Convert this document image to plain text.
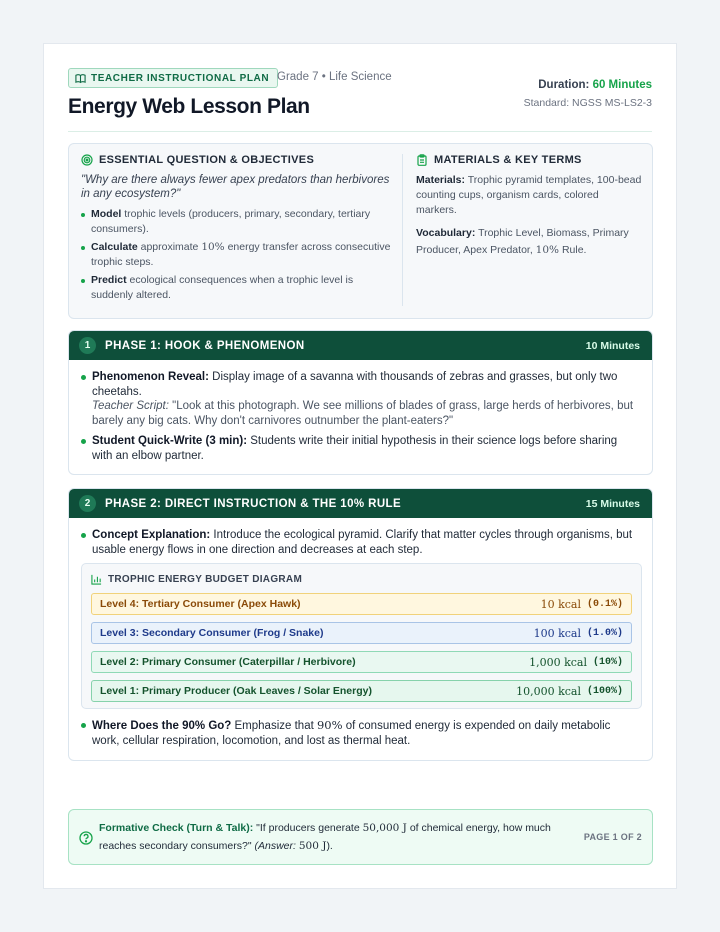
TEACHER INSTRUCTIONAL PLAN Grade 7 • Life Science
Energy Web Lesson Plan
Duration: 60 Minutes
Standard: NGSS MS-LS2-3
ESSENTIAL QUESTION & OBJECTIVES
"Why are there always fewer apex predators than herbivores in any ecosystem?"
Model trophic levels (producers, primary, secondary, tertiary consumers).
Calculate approximate 10% energy transfer across consecutive trophic steps.
Predict ecological consequences when a trophic level is suddenly altered.
MATERIALS & KEY TERMS
Materials: Trophic pyramid templates, 100-bead counting cups, organism cards, colored markers.
Vocabulary: Trophic Level, Biomass, Primary Producer, Apex Predator, 10% Rule.
1	PHASE 1: HOOK & PHENOMENON	10 Minutes
Phenomenon Reveal: Display image of a savanna with thousands of zebras and grasses, but only two cheetahs.
Teacher Script: "Look at this photograph. We see millions of blades of grass, large herds of herbivores, but barely any big cats. Why don't carnivores outnumber the plant-eaters?"
Student Quick-Write (3 min): Students write their initial hypothesis in their science logs before sharing with an elbow partner.
2	PHASE 2: DIRECT INSTRUCTION & THE 10% RULE	15 Minutes
Concept Explanation: Introduce the ecological pyramid. Clarify that matter cycles through organisms, but usable energy flows in one direction and decreases at each step.
TROPHIC ENERGY BUDGET DIAGRAM
Level 4: Tertiary Consumer (Apex Hawk)	10 kcal (0.1%)
Level 3: Secondary Consumer (Frog / Snake)	100 kcal (1.0%)
Level 2: Primary Consumer (Caterpillar / Herbivore)	1,000 kcal (10%)
Level 1: Primary Producer (Oak Leaves / Solar Energy)	10,000 kcal (100%)
Where Does the 90% Go? Emphasize that 90% of consumed energy is expended on daily metabolic work, cellular respiration, locomotion, and lost as thermal heat.
Formative Check (Turn & Talk): "If producers generate 50,000 J of chemical energy, how much reaches secondary consumers?" (Answer: 500 J).
PAGE 1 OF 2
